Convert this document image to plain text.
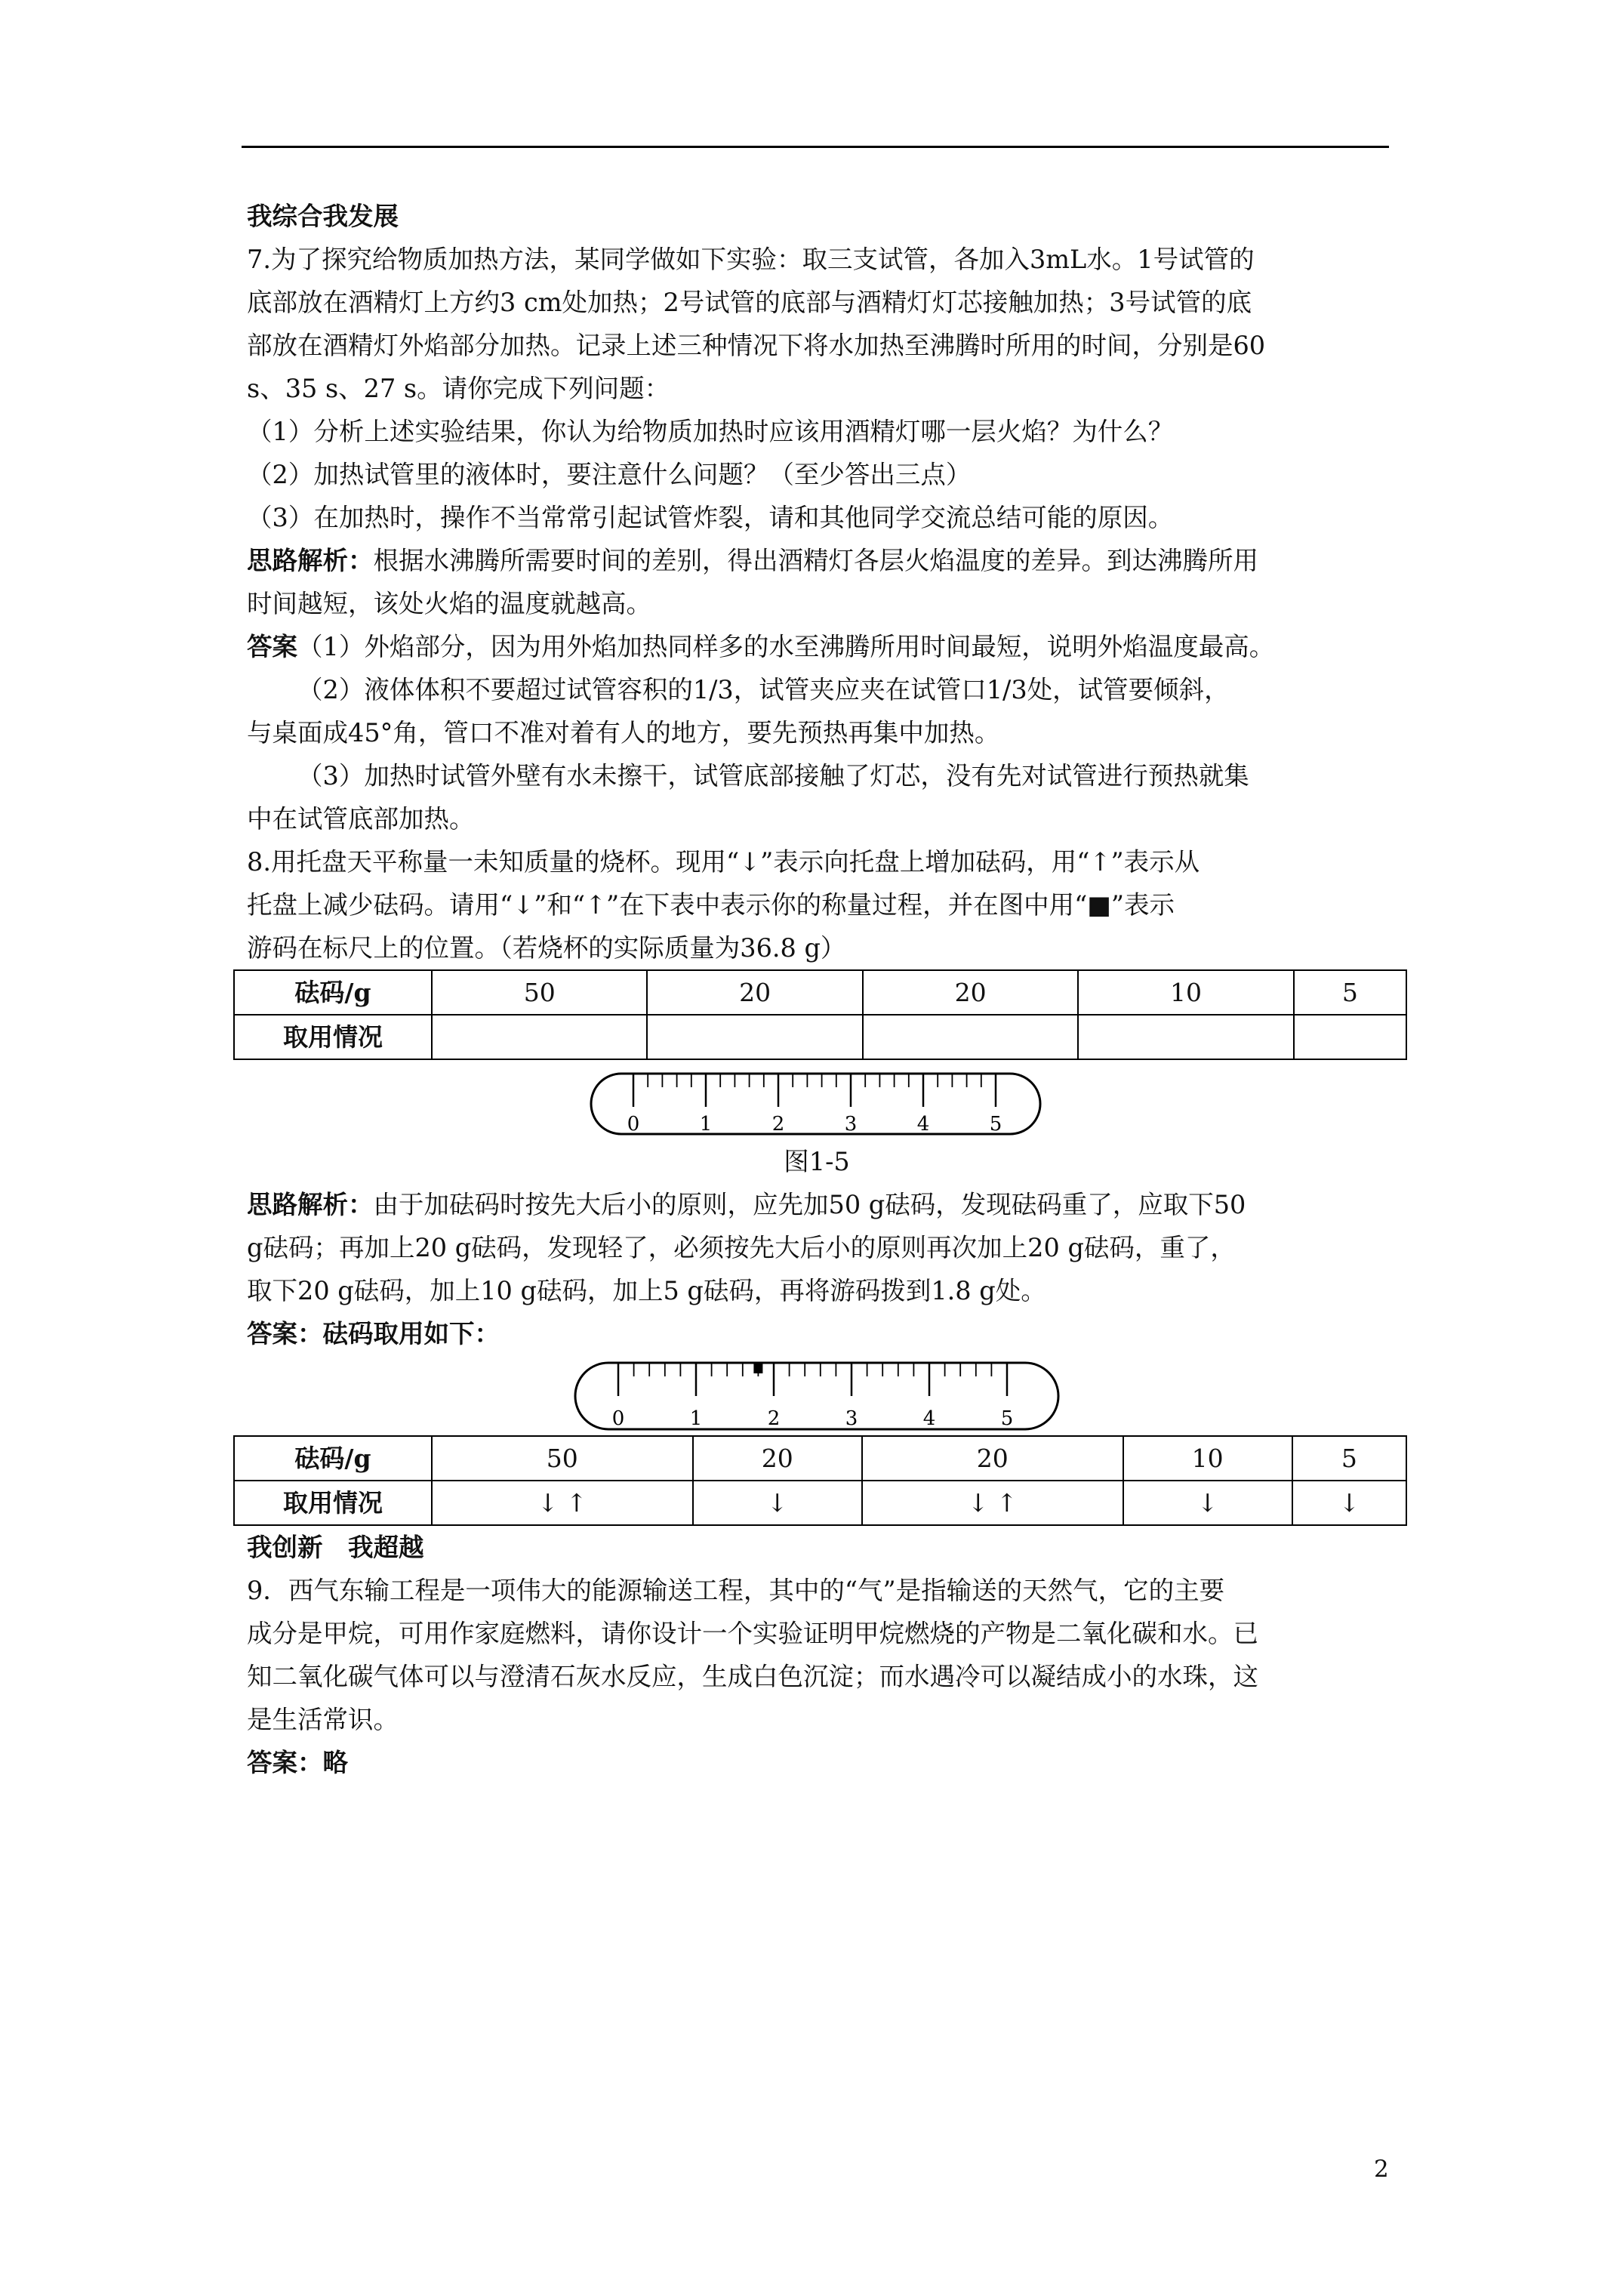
我综合我发展
7.为了探究给物质加热方法，某同学做如下实验：取三支试管，各加入3mL水。1号试管的
底部放在酒精灯上方约3 cm处加热；2号试管的底部与酒精灯灯芯接触加热；3号试管的底
部放在酒精灯外焰部分加热。记录上述三种情况下将水加热至沸腾时所用的时间，分别是60
s、35 s、27 s。请你完成下列问题：
（1）分析上述实验结果，你认为给物质加热时应该用酒精灯哪一层火焰？为什么？
（2）加热试管里的液体时，要注意什么问题？（至少答出三点）
（3）在加热时，操作不当常常引起试管炸裂，请和其他同学交流总结可能的原因。
思路解析：根据水沸腾所需要时间的差别，得出酒精灯各层火焰温度的差异。到达沸腾所用
时间越短，该处火焰的温度就越高。
答案（1）外焰部分，因为用外焰加热同样多的水至沸腾所用时间最短，说明外焰温度最高。
（2）液体体积不要超过试管容积的1/3，试管夹应夹在试管口1/3处，试管要倾斜，
与桌面成45°角，管口不准对着有人的地方，要先预热再集中加热。
（3）加热时试管外壁有水未擦干，试管底部接触了灯芯，没有先对试管进行预热就集
中在试管底部加热。
8.用托盘天平称量一未知质量的烧杯。现用“↓”表示向托盘上增加砝码，用“↑”表示从
托盘上减少砝码。请用“↓”和“↑”在下表中表示你的称量过程，并在图中用“■”表示
游码在标尺上的位置。（若烧杯的实际质量为36.8 g）
砝码/g	50	20	20	10	5
取用情况					
0	1	2	3	4	5
图1-5
思路解析：由于加砝码时按先大后小的原则，应先加50 g砝码，发现砝码重了，应取下50
g砝码；再加上20 g砝码，发现轻了，必须按先大后小的原则再次加上20 g砝码，重了，
取下20 g砝码，加上10 g砝码，加上5 g砝码，再将游码拨到1.8 g处。
答案：砝码取用如下：
0	1	2	3	4	5
砝码/g	50	20	20	10	5
取用情况	↓ ↑	↓	↓ ↑	↓	↓
我创新　我超越
9．西气东输工程是一项伟大的能源输送工程，其中的“气”是指输送的天然气，它的主要
成分是甲烷，可用作家庭燃料，请你设计一个实验证明甲烷燃烧的产物是二氧化碳和水。已
知二氧化碳气体可以与澄清石灰水反应，生成白色沉淀；而水遇冷可以凝结成小的水珠，这
是生活常识。
答案：略
2
